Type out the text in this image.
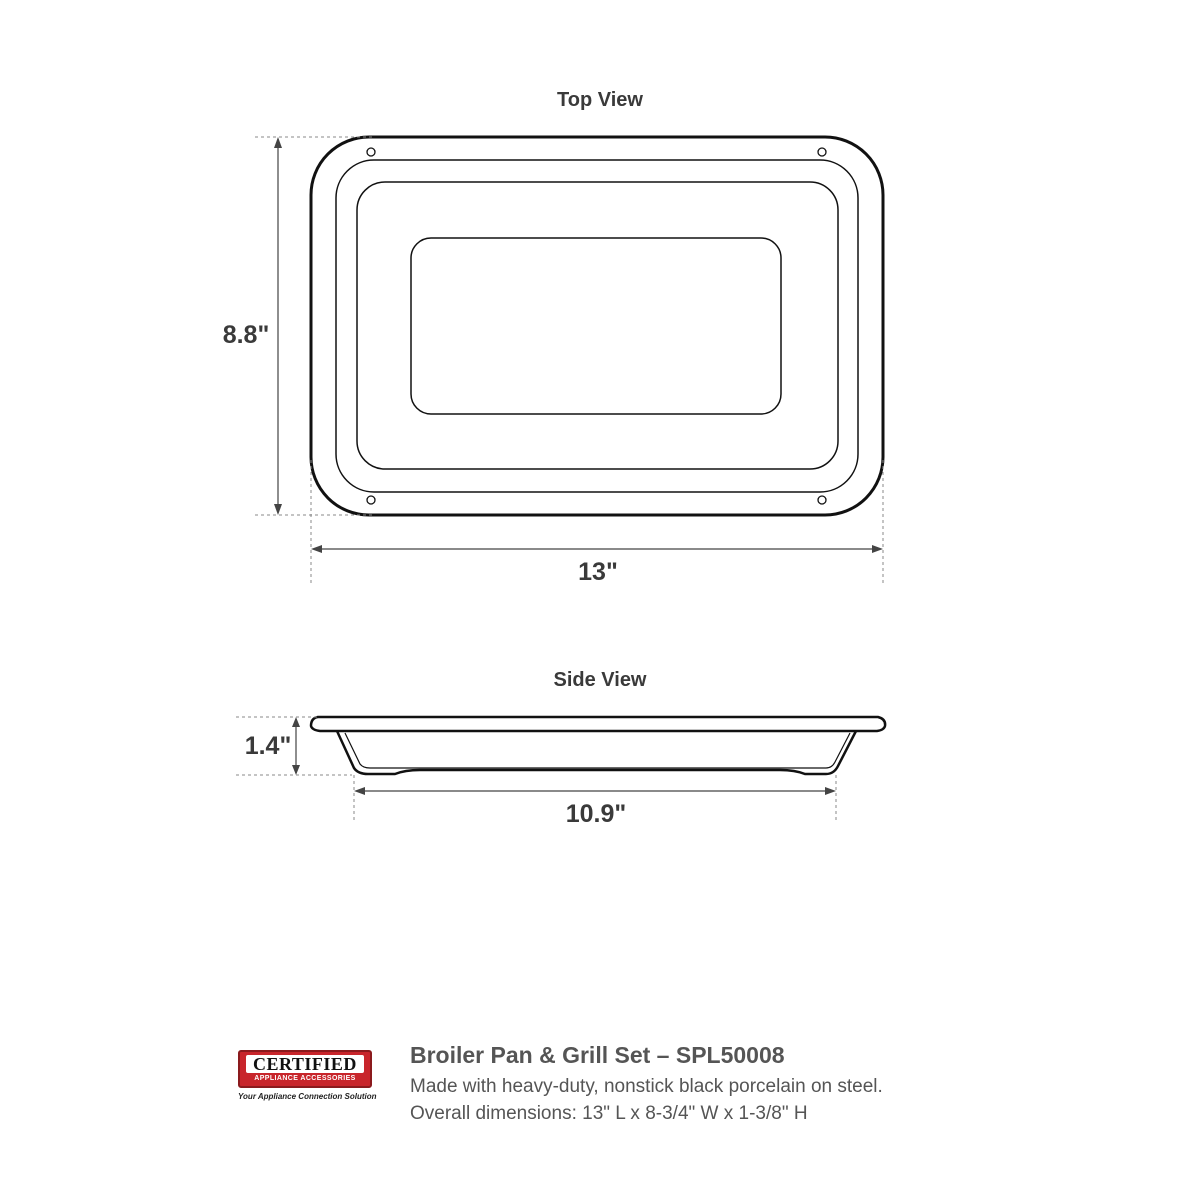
Top View
8.8"
13"
Side View
1.4"
10.9"
CERTIFIED
APPLIANCE ACCESSORIES
Your Appliance Connection Solution
Broiler Pan & Grill Set – SPL50008
Made with heavy-duty, nonstick black porcelain on steel.
Overall dimensions: 13" L x 8-3/4" W x 1-3/8" H
